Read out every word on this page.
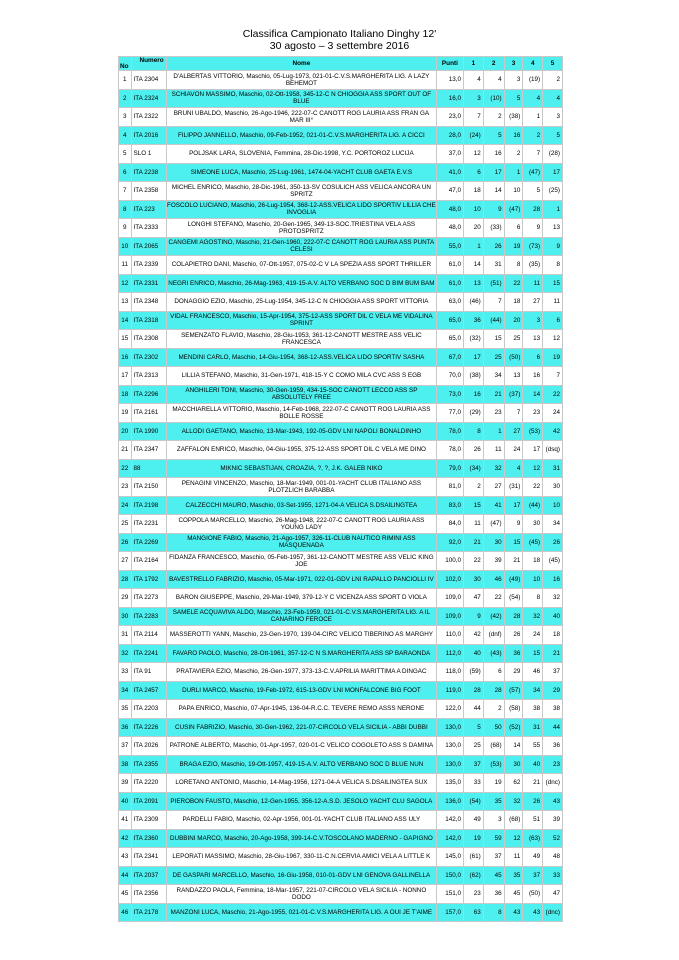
Classifica Campionato Italiano Dinghy 12'
30 agosto – 3 settembre 2016
No	Numero	Nome	Punti	1	2	3	4	5
1	ITA 2304	D'ALBERTAS VITTORIO, Maschio, 05-Lug-1973, 021-01-C.V.S.MARGHERITA LIG. A LAZY BEHEMOT	13,0	4	4	3	(19)	2
2	ITA 2324	SCHIAVON MASSIMO, Maschio, 02-Ott-1958, 345-12-C N CHIOGGIA ASS SPORT OUT OF BLUE	16,0	3	(10)	5	4	4
3	ITA 2322	BRUNI UBALDO, Maschio, 26-Ago-1946, 222-07-C CANOTT ROG LAURIA ASS FRAN GA MAR III°	23,0	7	2	(38)	1	3
4	ITA 2016	FILIPPO JANNELLO, Maschio, 09-Feb-1952, 021-01-C.V.S.MARGHERITA LIG. A CICCI	28,0	(24)	5	16	2	5
5	SLO 1	POLJSAK LARA, SLOVENIA, Femmina, 28-Dic-1998, Y.C. PORTOROZ LUCIJA	37,0	12	16	2	7	(28)
6	ITA 2238	SIMEONE LUCA, Maschio, 25-Lug-1961, 1474-04-YACHT CLUB GAETA E.V.S	41,0	6	17	1	(47)	17
7	ITA 2358	MICHEL ENRICO, Maschio, 28-Dic-1961, 350-13-SV COSULICH ASS VELICA ANCORA UN SPRITZ	47,0	18	14	10	5	(25)
8	ITA 223	FOSCOLO LUCIANO, Maschio, 26-Lug-1954, 368-12-ASS.VELICA LIDO SPORTIV LILLIA CHE INVOGLIA	48,0	10	9	(47)	28	1
9	ITA 2333	LONGHI STEFANO, Maschio, 20-Gen-1965, 349-13-SOC.TRIESTINA VELA ASS PROTOSPRITZ	48,0	20	(33)	6	9	13
10	ITA 2065	CANGEMI AGOSTINO, Maschio, 21-Gen-1960, 222-07-C CANOTT ROG LAURIA ASS PUNTA CELESI	55,0	1	26	19	(73)	9
11	ITA 2339	COLAPIETRO DANI, Maschio, 07-Ott-1957, 075-02-C V LA SPEZIA ASS SPORT THRILLER	61,0	14	31	8	(35)	8
12	ITA 2331	NEGRI ENRICO, Maschio, 26-Mag-1963, 419-15-A.V. ALTO VERBANO SOC D BIM BUM BAM	61,0	13	(51)	22	11	15
13	ITA 2348	DONAGGIO EZIO, Maschio, 25-Lug-1954, 345-12-C N CHIOGGIA ASS SPORT VITTORIA	63,0	(46)	7	18	27	11
14	ITA 2318	VIDAL FRANCESCO, Maschio, 15-Apr-1954, 375-12-ASS SPORT DIL C VELA ME VIDALINA SPRINT	65,0	36	(44)	20	3	6
15	ITA 2308	SEMENZATO FLAVIO, Maschio, 28-Giu-1953, 361-12-CANOTT MESTRE ASS VELIC FRANCESCA	65,0	(32)	15	25	13	12
16	ITA 2302	MENDINI CARLO, Maschio, 14-Giu-1954, 368-12-ASS.VELICA LIDO SPORTIV SASHA	67,0	17	25	(50)	6	19
17	ITA 2313	LILLIA STEFANO, Maschio, 31-Gen-1971, 418-15-Y C COMO MILA CVC ASS S EGB	70,0	(38)	34	13	16	7
18	ITA 2296	ANGHILERI TONI, Maschio, 30-Gen-1959, 434-15-SOC CANOTT LECCO ASS SP ABSOLUTELY FREE	73,0	16	21	(37)	14	22
19	ITA 2161	MACCHIARELLA VITTORIO, Maschio, 14-Feb-1968, 222-07-C CANOTT ROG LAURIA ASS BOLLE ROSSE	77,0	(29)	23	7	23	24
20	ITA 1990	ALLODI GAETANO, Maschio, 13-Mar-1943, 192-05-GDV LNI NAPOLI BONALDINHO	78,0	8	1	27	(53)	42
21	ITA 2347	ZAFFALON ENRICO, Maschio, 04-Giu-1955, 375-12-ASS SPORT DIL C VELA ME DINO	78,0	26	11	24	17	(dsq)
22	88	MIKNIC SEBASTIJAN, CROAZIA, ?, ?, J.K. GALEB NIKO	79,0	(34)	32	4	12	31
23	ITA 2150	PENAGINI VINCENZO, Maschio, 18-Mar-1949, 001-01-YACHT CLUB ITALIANO ASS PLOTZLICH BARABBA	81,0	2	27	(31)	22	30
24	ITA 2198	CALZECCHI MAURO, Maschio, 03-Set-1955, 1271-04-A VELICA S.DSAILINGTEA	83,0	15	41	17	(44)	10
25	ITA 2231	COPPOLA MARCELLO, Maschio, 26-Mag-1948, 222-07-C CANOTT ROG LAURIA ASS YOUNG LADY	84,0	11	(47)	9	30	34
26	ITA 2269	MANGIONE FABIO, Maschio, 21-Ago-1957, 326-11-CLUB NAUTICO RIMINI ASS MASQUENADA	92,0	21	30	15	(45)	26
27	ITA 2164	FIDANZA FRANCESCO, Maschio, 05-Feb-1957, 361-12-CANOTT MESTRE ASS VELIC KING JOE	100,0	22	39	21	18	(45)
28	ITA 1792	BAVESTRELLO FABRIZIO, Maschio, 05-Mar-1971, 022-01-GDV LNI RAPALLO PANCIOLLI IV	102,0	30	46	(49)	10	16
29	ITA 2273	BARON GIUSEPPE, Maschio, 29-Mar-1949, 379-12-Y C VICENZA ASS SPORT D VIOLA	109,0	47	22	(54)	8	32
30	ITA 2283	SAMELE ACQUAVIVA ALDO, Maschio, 23-Feb-1959, 021-01-C.V.S.MARGHERITA LIG. A IL CANARINO FEROCE	109,0	9	(42)	28	32	40
31	ITA 2114	MASSEROTTI YANN, Maschio, 23-Gen-1970, 139-04-CIRC VELICO TIBERINO AS MARGHY	110,0	42	(dnf)	26	24	18
32	ITA 2241	FAVARO PAOLO, Maschio, 28-Ott-1961, 357-12-C N S.MARGHERITA ASS SP BARAONDA	112,0	40	(43)	36	15	21
33	ITA 91	PRATAVIERA EZIO, Maschio, 26-Gen-1977, 373-13-C.V.APRILIA MARITTIMA A DINGAC	118,0	(59)	6	29	46	37
34	ITA 2457	DURLI MARCO, Maschio, 19-Feb-1972, 615-13-GDV LNI MONFALCONE BIG FOOT	119,0	28	28	(57)	34	29
35	ITA 2203	PAPA ENRICO, Maschio, 07-Apr-1945, 136-04-R.C.C. TEVERE REMO ASSS NERONE	122,0	44	2	(58)	38	38
36	ITA 2226	CUSIN FABRIZIO, Maschio, 30-Gen-1962, 221-07-CIRCOLO VELA SICILIA - ABBI DUBBI	130,0	5	50	(52)	31	44
37	ITA 2026	PATRONE ALBERTO, Maschio, 01-Apr-1957, 020-01-C VELICO COGOLETO ASS S DAMINA	130,0	25	(68)	14	55	36
38	ITA 2355	BRAGA EZIO, Maschio, 19-Ott-1957, 419-15-A.V. ALTO VERBANO SOC D BLUE NUN	130,0	37	(53)	30	40	23
39	ITA 2220	LORETANO ANTONIO, Maschio, 14-Mag-1956, 1271-04-A VELICA S.DSAILINGTEA SUX	135,0	33	19	62	21	(dnc)
40	ITA 2091	PIEROBON FAUSTO, Maschio, 12-Gen-1955, 356-12-A.S.D. JESOLO YACHT CLU SAGOLA	136,0	(54)	35	32	26	43
41	ITA 2309	PARDELLI FABIO, Maschio, 02-Apr-1956, 001-01-YACHT CLUB ITALIANO ASS ULY	142,0	49	3	(68)	51	39
42	ITA 2360	DUBBINI MARCO, Maschio, 20-Ago-1958, 399-14-C.V.TOSCOLANO MADERNO - GAPIGNO	142,0	19	59	12	(63)	52
43	ITA 2341	LEPORATI MASSIMO, Maschio, 28-Giu-1967, 330-11-C.N.CERVIA AMICI VELA A LITTLE K	145,0	(61)	37	11	49	48
44	ITA 2037	DE GASPARI MARCELLO, Maschio, 16-Giu-1958, 010-01-GDV LNI GENOVA GALLINELLA	150,0	(62)	45	35	37	33
45	ITA 2356	RANDAZZO PAOLA, Femmina, 18-Mar-1957, 221-07-CIRCOLO VELA SICILIA - NONNO DODO	151,0	23	36	45	(50)	47
46	ITA 2178	MANZONI LUCA, Maschio, 21-Ago-1955, 021-01-C.V.S.MARGHERITA LIG. A OUI JE T'AIME	157,0	63	8	43	43	(dnc)
